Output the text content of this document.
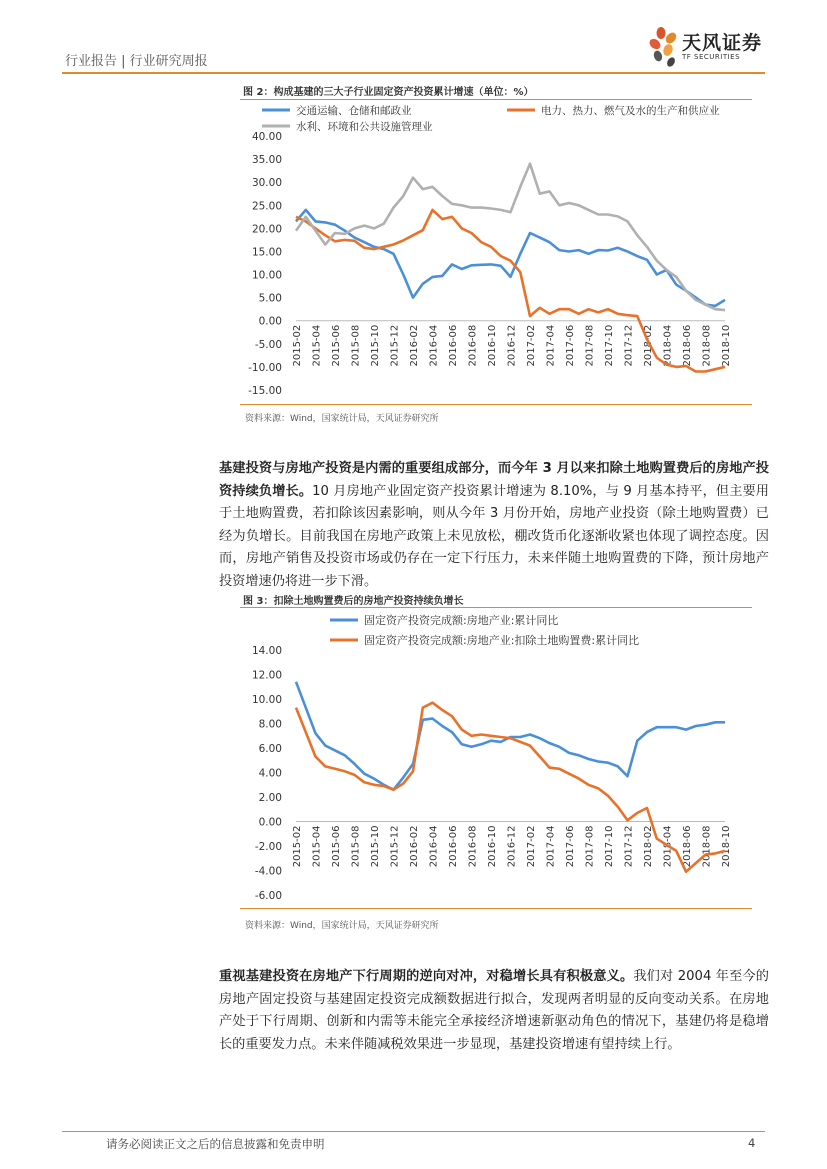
行业报告 | 行业研究周报
天风证券
TF SECURITIES
图 2：构成基建的三大子行业固定资产投资累计增速（单位：%）
交通运输、仓储和邮政业	电力、热力、燃气及水的生产和供应业
水利、环境和公共设施管理业
40.00
35.00
30.00
25.00
20.00
15.00
10.00
5.00
0.00
-5.00
-10.00
-15.00
2015-02 2015-04 2015-06 2015-08 2015-10 2015-12 2016-02 2016-04 2016-06 2016-08 2016-10 2016-12 2017-02 2017-04 2017-06 2017-08 2017-10 2017-12 2018-02 2018-04 2018-06 2018-08 2018-10
资料来源：Wind，国家统计局，天风证券研究所
基建投资与房地产投资是内需的重要组成部分，而今年 3 月以来扣除土地购置费后的房地产投资持续负增长。10 月房地产业固定资产投资累计增速为 8.10%，与 9 月基本持平，但主要用于土地购置费，若扣除该因素影响，则从今年 3 月份开始，房地产业投资（除土地购置费）已经为负增长。目前我国在房地产政策上未见放松，棚改货币化逐渐收紧也体现了调控态度。因而，房地产销售及投资市场或仍存在一定下行压力，未来伴随土地购置费的下降，预计房地产投资增速仍将进一步下滑。
图 3：扣除土地购置费后的房地产投资持续负增长
固定资产投资完成额:房地产业:累计同比
固定资产投资完成额:房地产业:扣除土地购置费:累计同比
14.00
12.00
10.00
8.00
6.00
4.00
2.00
0.00
-2.00
-4.00
-6.00
2015-02 2015-04 2015-06 2015-08 2015-10 2015-12 2016-02 2016-04 2016-06 2016-08 2016-10 2016-12 2017-02 2017-04 2017-06 2017-08 2017-10 2017-12 2018-02 2018-04 2018-06 2018-08 2018-10
资料来源：Wind，国家统计局，天风证券研究所
重视基建投资在房地产下行周期的逆向对冲，对稳增长具有积极意义。我们对 2004 年至今的房地产固定投资与基建固定投资完成额数据进行拟合，发现两者明显的反向变动关系。在房地产处于下行周期、创新和内需等未能完全承接经济增速新驱动角色的情况下，基建仍将是稳增长的重要发力点。未来伴随减税效果进一步显现，基建投资增速有望持续上行。
请务必阅读正文之后的信息披露和免责申明	4
